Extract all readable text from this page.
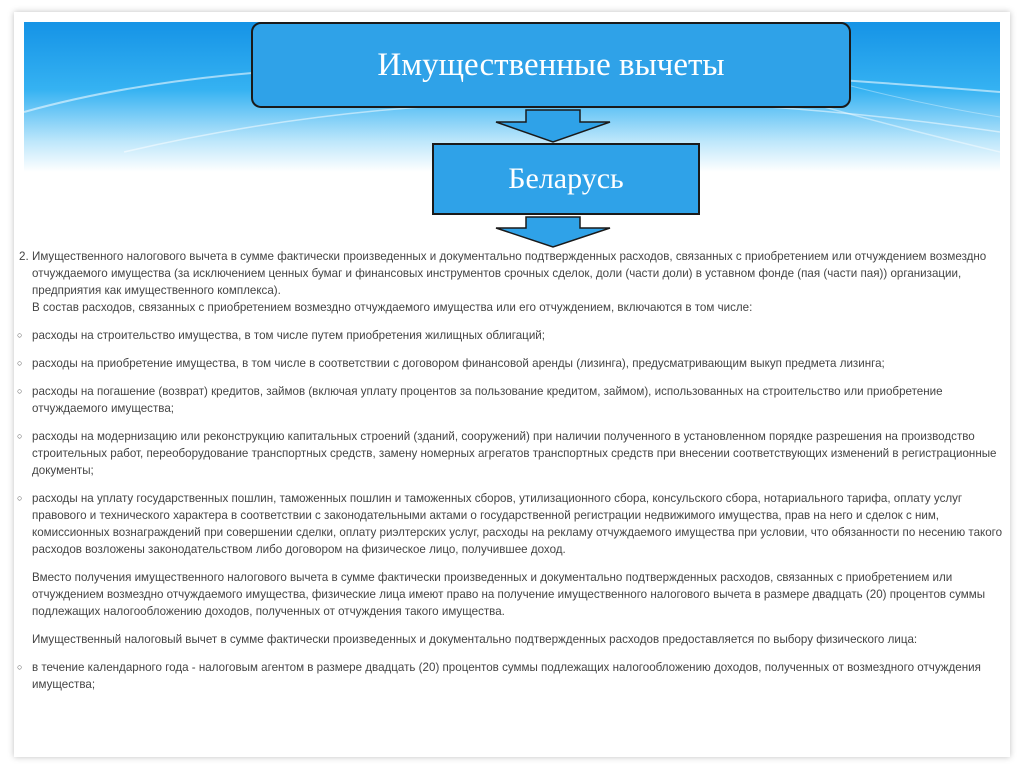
Имущественные вычеты
Беларусь
2. Имущественного налогового вычета в сумме фактически произведенных и документально подтвержденных расходов, связанных с приобретением или отчуждением возмездно

отчуждаемого имущества (за исключением ценных бумаг и финансовых инструментов срочных сделок, доли (части доли) в уставном фонде (пая (части пая)) организации,

предприятия как имущественного комплекса).

В состав расходов, связанных с приобретением возмездно отчуждаемого имущества или его отчуждением, включаются в том числе:

○ расходы на строительство имущества, в том числе путем приобретения жилищных облигаций;

○ расходы на приобретение имущества, в том числе в соответствии с договором финансовой аренды (лизинга), предусматривающим выкуп предмета лизинга;

○ расходы на погашение (возврат) кредитов, займов (включая уплату процентов за пользование кредитом, займом), использованных на строительство или приобретение

отчуждаемого имущества;

○ расходы на модернизацию или реконструкцию капитальных строений (зданий, сооружений) при наличии полученного в установленном порядке разрешения на производство

строительных работ, переоборудование транспортных средств, замену номерных агрегатов транспортных средств при внесении соответствующих изменений в регистрационные

документы;

○ расходы на уплату государственных пошлин, таможенных пошлин и таможенных сборов, утилизационного сбора, консульского сбора, нотариального тарифа, оплату услуг

правового и технического характера в соответствии с законодательными актами о государственной регистрации недвижимого имущества, прав на него и сделок с ним,

комиссионных вознаграждений при совершении сделки, оплату риэлтерских услуг, расходы на рекламу отчуждаемого имущества при условии, что обязанности по несению такого

расходов возложены законодательством либо договором на физическое лицо, получившее доход.

Вместо получения имущественного налогового вычета в сумме фактически произведенных и документально подтвержденных расходов, связанных с приобретением или

отчуждением возмездно отчуждаемого имущества, физические лица имеют право на получение имущественного налогового вычета в размере двадцать (20) процентов суммы

подлежащих налогообложению доходов, полученных от отчуждения такого имущества.

Имущественный налоговый вычет в сумме фактически произведенных и документально подтвержденных расходов предоставляется по выбору физического лица:

○ в течение календарного года - налоговым агентом в размере двадцать (20) процентов суммы подлежащих налогообложению доходов, полученных от возмездного отчуждения

имущества;
